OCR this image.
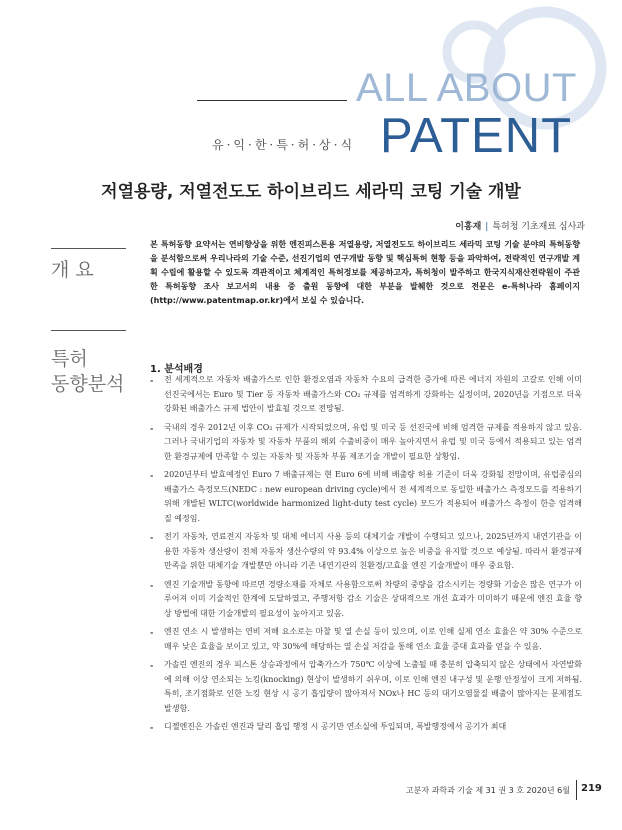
ALL ABOUT
PATENT
유·익·한·특·허·상·식
저열용량, 저열전도도 하이브리드 세라믹 코팅 기술 개발
이홍재 | 특허청 기초재료 심사과
개 요

본 특허동향 요약서는 연비향상을 위한 엔진피스톤용 저열용량, 저열전도도 하이브리드 세라믹 코팅 기술 분야의 특허동향을 분석함으로써 우리나라의 기술 수준, 선진기업의 연구개발 동향 및 핵심특허 현황 등을 파악하여, 전략적인 연구개발 계획 수립에 활용할 수 있도록 객관적이고 체계적인 특허정보를 제공하고자, 특허청이 발주하고 한국지식재산전략원이 주관한 특허동향 조사 보고서의 내용 중 출원 동향에 대한 부분을 발췌한 것으로 전문은 e-특허나라 홈페이지(http://www.patentmap.or.kr)에서 보실 수 있습니다.

특허
동향분석
1. 분석배경
- 전 세계적으로 자동차 배출가스로 인한 환경오염과 자동차 수요의 급격한 증가에 따른 에너지 자원의 고갈로 인해 이미 선진국에서는 Euro 및 Tier 등 자동차 배출가스와 CO₂ 규제를 엄격하게 강화하는 실정이며, 2020년을 기점으로 더욱 강화된 배출가스 규제 법안이 발효될 것으로 전망됨.
- 국내의 경우 2012년 이후 CO₂ 규제가 시작되었으며, 유럽 및 미국 등 선진국에 비해 엄격한 규제를 적용하지 않고 있음. 그러나 국내기업의 자동차 및 자동차 부품의 해외 수출비중이 매우 높아지면서 유럽 및 미국 등에서 적용되고 있는 엄격한 환경규제에 만족할 수 있는 자동차 및 자동차 부품 제조기술 개발이 필요한 상황임.
- 2020년부터 발효예정인 Euro 7 배출규제는 현 Euro 6에 비해 배출량 허용 기준이 더욱 강화될 전망이며, 유럽중심의 배출가스 측정모드(NEDC : new european driving cycle)에서 전 세계적으로 동일한 배출가스 측정모드를 적용하기 위해 개발된 WLTC(worldwide harmonized light-duty test cycle) 모드가 적용되어 배출가스 측정이 한층 엄격해질 예정임.
- 전기 자동차, 연료전지 자동차 및 대체 에너지 사용 등의 대체기술 개발이 수행되고 있으나, 2025년까지 내연기관을 이용한 자동차 생산량이 전체 자동차 생산수량의 약 93.4% 이상으로 높은 비중을 유지할 것으로 예상됨. 따라서 환경규제 만족을 위한 대체기술 개발뿐만 아니라 기존 내연기관의 친환경/고효율 엔진 기술개발이 매우 중요함.
- 엔진 기술개발 동향에 따르면 경량소재를 자체로 사용함으로써 차량의 중량을 감소시키는 경량화 기술은 많은 연구가 이루어져 이미 기술적인 한계에 도달하였고, 주행저항 감소 기술은 상대적으로 개선 효과가 미미하기 때문에 엔진 효율 향상 방법에 대한 기술개발의 필요성이 높아지고 있음.
- 엔진 연소 시 발생하는 연비 저해 요소로는 마찰 및 열 손실 등이 있으며, 이로 인해 실제 연소 효율은 약 30% 수준으로 매우 낮은 효율을 보이고 있고, 약 30%에 해당하는 열 손실 저감을 통해 연소 효율 증대 효과를 얻을 수 있음.
- 가솔린 엔진의 경우 피스톤 상승과정에서 압축가스가 750℃ 이상에 노출될 때 충분히 압축되지 않은 상태에서 자연발화에 의해 이상 연소되는 노킹(knocking) 현상이 발생하기 쉬우며, 이로 인해 엔진 내구성 및 운행 안정성이 크게 저하됨. 특히, 조기점화로 인한 노킹 현상 시 공기 흡입량이 많아져서 NOx나 HC 등의 대기오염물질 배출이 많아지는 문제점도 발생함.
- 디젤엔진은 가솔린 엔진과 달리 흡입 행정 시 공기만 연소실에 투입되며, 폭발행정에서 공기가 최대
고분자 과학과 기술 제 31 권 3 호 2020년 6월 219
